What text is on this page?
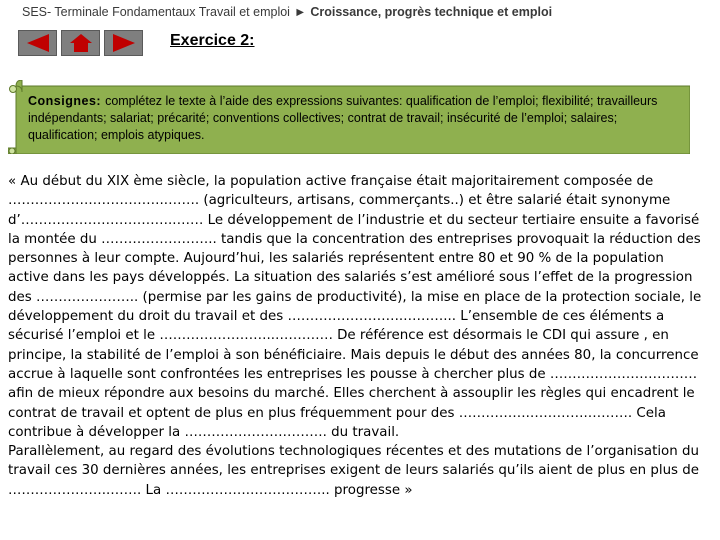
SES- Terminale Fondamentaux Travail et emploi ► Croissance, progrès technique et emploi
Exercice 2:
Consignes: complétez le texte à l’aide des expressions suivantes: qualification de l’emploi; flexibilité; travailleurs indépendants; salariat; précarité; conventions collectives; contrat de travail; insécurité de l’emploi; salaires; qualification; emplois atypiques.

« Au début du XIX ème siècle, la population active française était majoritairement composée de ……………….……………..……. (agriculteurs, artisans, commerçants..) et être salarié était synonyme d’……………………………..…… Le développement de l’industrie et du secteur tertiaire ensuite a favorisé la montée du …………………….. tandis que la concentration des entreprises provoquait la réduction des personnes à leur compte. Aujourd’hui, les salariés représentent entre 80 et 90 % de la population active dans les pays développés. La situation des salariés s’est amélioré sous l’effet de la progression des ………………….. (permise par les gains de productivité), la mise en place de la protection sociale, le développement du droit du travail et des ……………………..………... L’ensemble de ces éléments a sécurisé l’emploi et le ……………………..…………. De référence est désormais le CDI qui assure , en principe, la stabilité de l’emploi à son bénéficiaire. Mais depuis le début des années 80, la concurrence accrue à laquelle sont confrontées les entreprises les pousse à chercher plus de …………………………… afin de mieux répondre aux besoins du marché. Elles cherchent à assouplir les règles qui encadrent le contrat de travail et optent de plus en plus fréquemment pour des …………….………….………. Cela contribue à développer la ………………….………. du travail.

Parallèlement, au regard des évolutions technologiques récentes et des mutations de l’organisation du travail ces 30 dernières années, les entreprises exigent de leurs salariés qu’ils aient de plus en plus de …………………..……. La ………………..…………….. progresse »
